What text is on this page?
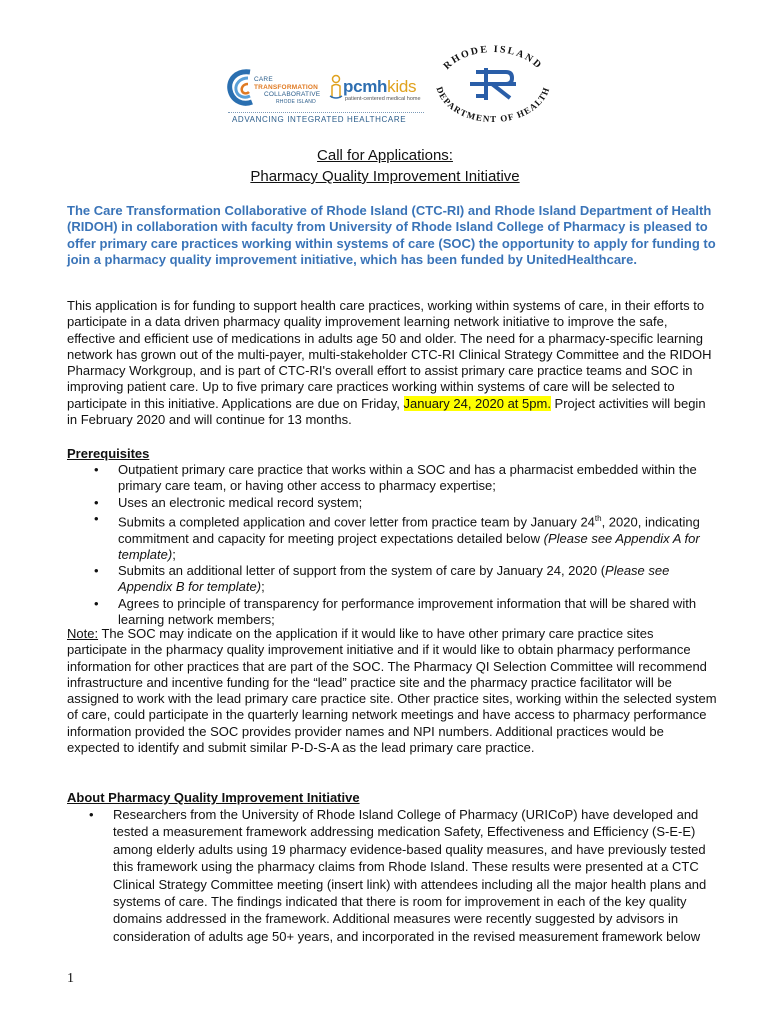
CARE
TRANSFORMATION
COLLABORATIVE
RHODE ISLAND
pcmhkids
patient-centered medical home
ADVANCING INTEGRATED HEALTHCARE
RHODE ISLAND
DEPARTMENT OF HEALTH
Call for Applications:
Pharmacy Quality Improvement Initiative
The Care Transformation Collaborative of Rhode Island (CTC-RI) and Rhode Island Department of Health (RIDOH) in collaboration with faculty from University of Rhode Island College of Pharmacy is pleased to offer primary care practices working within systems of care (SOC) the opportunity to apply for funding to join a pharmacy quality improvement initiative, which has been funded by UnitedHealthcare.
This application is for funding to support health care practices, working within systems of care, in their efforts to participate in a data driven pharmacy quality improvement learning network initiative to improve the safe, effective and efficient use of medications in adults age 50 and older. The need for a pharmacy-specific learning network has grown out of the multi-payer, multi-stakeholder CTC-RI Clinical Strategy Committee and the RIDOH Pharmacy Workgroup, and is part of CTC-RI's overall effort to assist primary care practice teams and SOC in improving patient care. Up to five primary care practices working within systems of care will be selected to participate in this initiative. Applications are due on Friday, January 24, 2020 at 5pm. Project activities will begin in February 2020 and will continue for 13 months.
Prerequisites
• Outpatient primary care practice that works within a SOC and has a pharmacist embedded within the primary care team, or having other access to pharmacy expertise;
• Uses an electronic medical record system;
• Submits a completed application and cover letter from practice team by January 24th, 2020, indicating commitment and capacity for meeting project expectations detailed below (Please see Appendix A for template);
• Submits an additional letter of support from the system of care by January 24, 2020 (Please see Appendix B for template);
• Agrees to principle of transparency for performance improvement information that will be shared with learning network members;
Note: The SOC may indicate on the application if it would like to have other primary care practice sites participate in the pharmacy quality improvement initiative and if it would like to obtain pharmacy performance information for other practices that are part of the SOC. The Pharmacy QI Selection Committee will recommend infrastructure and incentive funding for the “lead” practice site and the pharmacy practice facilitator will be assigned to work with the lead primary care practice site. Other practice sites, working within the selected system of care, could participate in the quarterly learning network meetings and have access to pharmacy performance information provided the SOC provides provider names and NPI numbers. Additional practices would be expected to identify and submit similar P-D-S-A as the lead primary care practice.
About Pharmacy Quality Improvement Initiative
• Researchers from the University of Rhode Island College of Pharmacy (URICoP) have developed and tested a measurement framework addressing medication Safety, Effectiveness and Efficiency (S-E-E) among elderly adults using 19 pharmacy evidence-based quality measures, and have previously tested this framework using the pharmacy claims from Rhode Island. These results were presented at a CTC Clinical Strategy Committee meeting (insert link) with attendees including all the major health plans and systems of care. The findings indicated that there is room for improvement in each of the key quality domains addressed in the framework. Additional measures were recently suggested by advisors in consideration of adults age 50+ years, and incorporated in the revised measurement framework below
1
